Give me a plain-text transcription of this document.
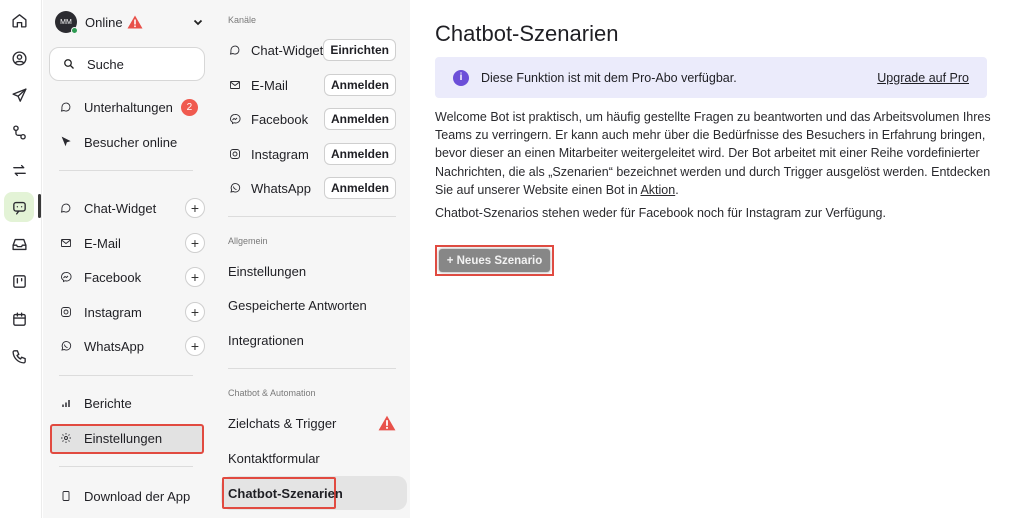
MM Online
Suche
Unterhaltungen	2
Besucher online
Chat-Widget	+
E-Mail	+
Facebook	+
Instagram	+
WhatsApp	+
Berichte
Einstellungen
Download der App
Kanäle
Chat-Widget Einrichten
E-Mail	Anmelden
Facebook	Anmelden
Instagram	Anmelden
WhatsApp	Anmelden
Allgemein
Einstellungen
Gespeicherte Antworten
Integrationen
Chatbot & Automation
Zielchats & Trigger
Kontaktformular
Chatbot-Szenarien
Chatbot-Szenarien
i	Diese Funktion ist mit dem Pro-Abo verfügbar.	Upgrade auf Pro
Welcome Bot ist praktisch, um häufig gestellte Fragen zu beantworten und das Arbeitsvolumen Ihres Teams zu verringern. Er kann auch mehr über die Bedürfnisse des Besuchers in Erfahrung bringen, bevor dieser an einen Mitarbeiter weitergeleitet wird. Der Bot arbeitet mit einer Reihe vordefinierter Nachrichten, die als „Szenarien“ bezeichnet werden und durch Trigger ausgelöst werden. Entdecken Sie auf unserer Website einen Bot in Aktion.
Chatbot-Szenarios stehen weder für Facebook noch für Instagram zur Verfügung.
+ Neues Szenario
